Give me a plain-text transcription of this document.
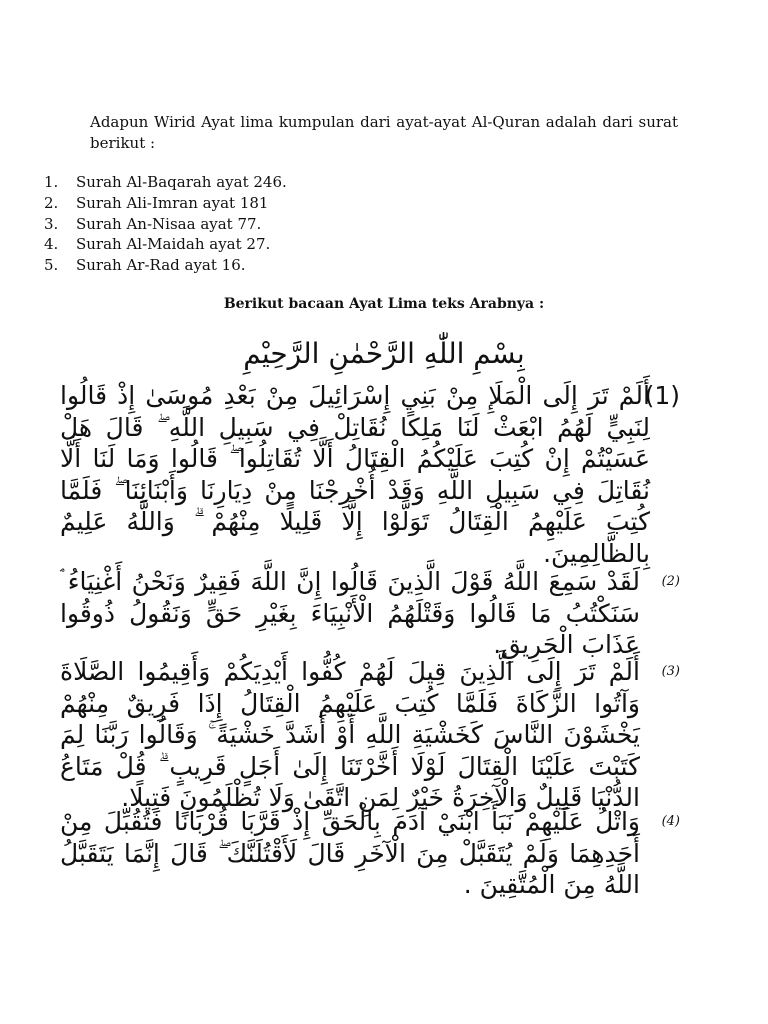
Adapun Wirid Ayat lima kumpulan dari ayat-ayat Al-Quran adalah dari surat berikut :
1.	Surah Al-Baqarah ayat 246.
2.	Surah Ali-Imran ayat 181
3.	Surah An-Nisaa ayat 77.
4.	Surah Al-Maidah ayat 27.
5.	Surah Ar-Rad ayat 16.
Berikut bacaan Ayat Lima teks Arabnya :
بِسْمِ اللّٰهِ الرَّحْمٰنِ الرَّحِيْمِ
أَلَمْ تَرَ إِلَى الْمَلَإِ مِنْ بَنِي إِسْرَائِيلَ مِنْ بَعْدِ مُوسَىٰ إِذْ قَالُوا لِنَبِيٍّ لَهُمُ ابْعَثْ لَنَا مَلِكًا نُقَاتِلْ فِي سَبِيلِ اللَّهِ ۖ قَالَ هَلْ عَسَيْتُمْ إِنْ كُتِبَ عَلَيْكُمُ الْقِتَالُ أَلَّا تُقَاتِلُوا ۖ قَالُوا وَمَا لَنَا أَلَّا نُقَاتِلَ فِي سَبِيلِ اللَّهِ وَقَدْ أُخْرِجْنَا مِنْ دِيَارِنَا وَأَبْنَائِنَا ۖ فَلَمَّا كُتِبَ عَلَيْهِمُ الْقِتَالُ تَوَلَّوْا إِلَّا قَلِيلًا مِنْهُمْ ۗ وَاللَّهُ عَلِيمٌ بِالظَّالِمِينَ.
(1)
لَقَدْ سَمِعَ اللَّهُ قَوْلَ الَّذِينَ قَالُوا إِنَّ اللَّهَ فَقِيرٌ وَنَحْنُ أَغْنِيَاءُ ۘ سَنَكْتُبُ مَا قَالُوا وَقَتْلَهُمُ الْأَنْبِيَاءَ بِغَيْرِ حَقٍّ وَنَقُولُ ذُوقُوا عَذَابَ الْحَرِيقِ.
(2)
أَلَمْ تَرَ إِلَى الَّذِينَ قِيلَ لَهُمْ كُفُّوا أَيْدِيَكُمْ وَأَقِيمُوا الصَّلَاةَ وَآتُوا الزَّكَاةَ فَلَمَّا كُتِبَ عَلَيْهِمُ الْقِتَالُ إِذَا فَرِيقٌ مِنْهُمْ يَخْشَوْنَ النَّاسَ كَخَشْيَةِ اللَّهِ أَوْ أَشَدَّ خَشْيَةً ۚ وَقَالُوا رَبَّنَا لِمَ كَتَبْتَ عَلَيْنَا الْقِتَالَ لَوْلَا أَخَّرْتَنَا إِلَىٰ أَجَلٍ قَرِيبٍ ۗ قُلْ مَتَاعُ الدُّنْيَا قَلِيلٌ وَالْآخِرَةُ خَيْرٌ لِمَنِ اتَّقَىٰ وَلَا تُظْلَمُونَ فَتِيلًا.
(3)
وَاتْلُ عَلَيْهِمْ نَبَأَ ابْنَيْ آدَمَ بِالْحَقِّ إِذْ قَرَّبَا قُرْبَانًا فَتُقُبِّلَ مِنْ أَحَدِهِمَا وَلَمْ يُتَقَبَّلْ مِنَ الْآخَرِ قَالَ لَأَقْتُلَنَّكَ ۖ قَالَ إِنَّمَا يَتَقَبَّلُ اللَّهُ مِنَ الْمُتَّقِينَ .
(4)
